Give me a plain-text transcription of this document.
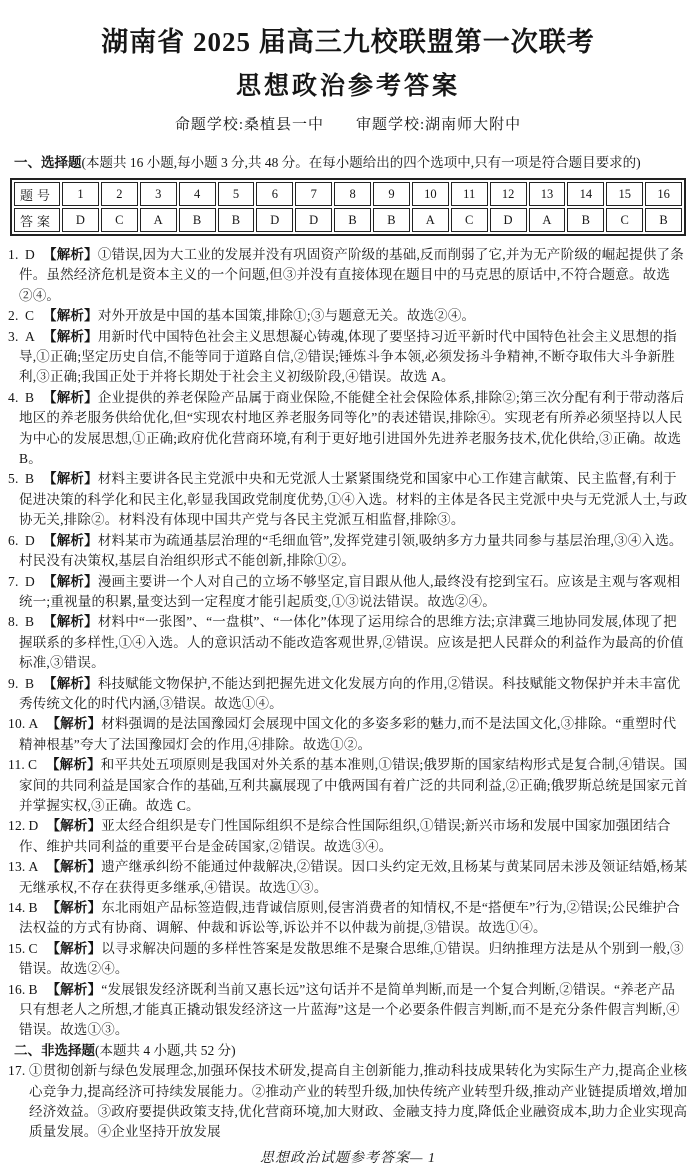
湖南省 2025 届高三九校联盟第一次联考
思想政治参考答案
命题学校:桑植县一中　　审题学校:湖南师大附中
一、选择题(本题共 16 小题,每小题 3 分,共 48 分。在每小题给出的四个选项中,只有一项是符合题目要求的)
题号	1	2	3	4	5	6	7	8	9	10	11	12	13	14	15	16
答案	D	C	A	B	B	D	D	B	B	A	C	D	A	B	C	B

1. D 【解析】①错误,因为大工业的发展并没有巩固资产阶级的基础,反而削弱了它,并为无产阶级的崛起提供了条件。虽然经济危机是资本主义的一个问题,但③并没有直接体现在题目中的马克思的原话中,不符合题意。故选②④。

2. C 【解析】对外开放是中国的基本国策,排除①;③与题意无关。故选②④。

3. A 【解析】用新时代中国特色社会主义思想凝心铸魂,体现了要坚持习近平新时代中国特色社会主义思想的指导,①正确;坚定历史自信,不能等同于道路自信,②错误;锤炼斗争本领,必须发扬斗争精神,不断夺取伟大斗争新胜利,③正确;我国正处于并将长期处于社会主义初级阶段,④错误。故选 A。

4. B 【解析】企业提供的养老保险产品属于商业保险,不能健全社会保险体系,排除②;第三次分配有利于带动落后地区的养老服务供给优化,但“实现农村地区养老服务同等化”的表述错误,排除④。实现老有所养必须坚持以人民为中心的发展思想,①正确;政府优化营商环境,有利于更好地引进国外先进养老服务技术,优化供给,③正确。故选 B。

5. B 【解析】材料主要讲各民主党派中央和无党派人士紧紧围绕党和国家中心工作建言献策、民主监督,有利于促进决策的科学化和民主化,彰显我国政党制度优势,①④入选。材料的主体是各民主党派中央与无党派人士,与政协无关,排除②。材料没有体现中国共产党与各民主党派互相监督,排除③。

6. D 【解析】材料某市为疏通基层治理的“毛细血管”,发挥党建引领,吸纳多方力量共同参与基层治理,③④入选。村民没有决策权,基层自治组织形式不能创新,排除①②。

7. D 【解析】漫画主要讲一个人对自己的立场不够坚定,盲目跟从他人,最终没有挖到宝石。应该是主观与客观相统一;重视量的积累,量变达到一定程度才能引起质变,①③说法错误。故选②④。

8. B 【解析】材料中“一张图”、“一盘棋”、“一体化”体现了运用综合的思维方法;京津冀三地协同发展,体现了把握联系的多样性,①④入选。人的意识活动不能改造客观世界,②错误。应该是把人民群众的利益作为最高的价值标准,③错误。

9. B 【解析】科技赋能文物保护,不能达到把握先进文化发展方向的作用,②错误。科技赋能文物保护并未丰富优秀传统文化的时代内涵,③错误。故选①④。

10. A 【解析】材料强调的是法国豫园灯会展现中国文化的多姿多彩的魅力,而不是法国文化,③排除。“重塑时代精神根基”夸大了法国豫园灯会的作用,④排除。故选①②。

11. C 【解析】和平共处五项原则是我国对外关系的基本准则,①错误;俄罗斯的国家结构形式是复合制,④错误。国家间的共同利益是国家合作的基础,互利共赢展现了中俄两国有着广泛的共同利益,②正确;俄罗斯总统是国家元首并掌握实权,③正确。故选 C。

12. D 【解析】亚太经合组织是专门性国际组织不是综合性国际组织,①错误;新兴市场和发展中国家加强团结合作、维护共同利益的重要平台是金砖国家,②错误。故选③④。

13. A 【解析】遗产继承纠纷不能通过仲裁解决,②错误。因口头约定无效,且杨某与黄某同居未涉及领证结婚,杨某无继承权,不存在获得更多继承,④错误。故选①③。

14. B 【解析】东北雨姐产品标签造假,违背诚信原则,侵害消费者的知情权,不是“搭便车”行为,②错误;公民维护合法权益的方式有协商、调解、仲裁和诉讼等,诉讼并不以仲裁为前提,③错误。故选①④。

15. C 【解析】以寻求解决问题的多样性答案是发散思维不是聚合思维,①错误。归纳推理方法是从个别到一般,③错误。故选②④。

16. B 【解析】“发展银发经济既利当前又惠长远”这句话并不是简单判断,而是一个复合判断,②错误。“养老产品只有想老人之所想,才能真正撬动银发经济这一片蓝海”这是一个必要条件假言判断,而不是充分条件假言判断,④错误。故选①③。

二、非选择题(本题共 4 小题,共 52 分)

17. ①贯彻创新与绿色发展理念,加强环保技术研发,提高自主创新能力,推动科技成果转化为实际生产力,提高企业核心竞争力,提高经济可持续发展能力。②推动产业的转型升级,加快传统产业转型升级,推动产业链提质增效,增加经济效益。③政府要提供政策支持,优化营商环境,加大财政、金融支持力度,降低企业融资成本,助力企业实现高质量发展。④企业坚持开放发展

思想政治试题参考答案— 1
